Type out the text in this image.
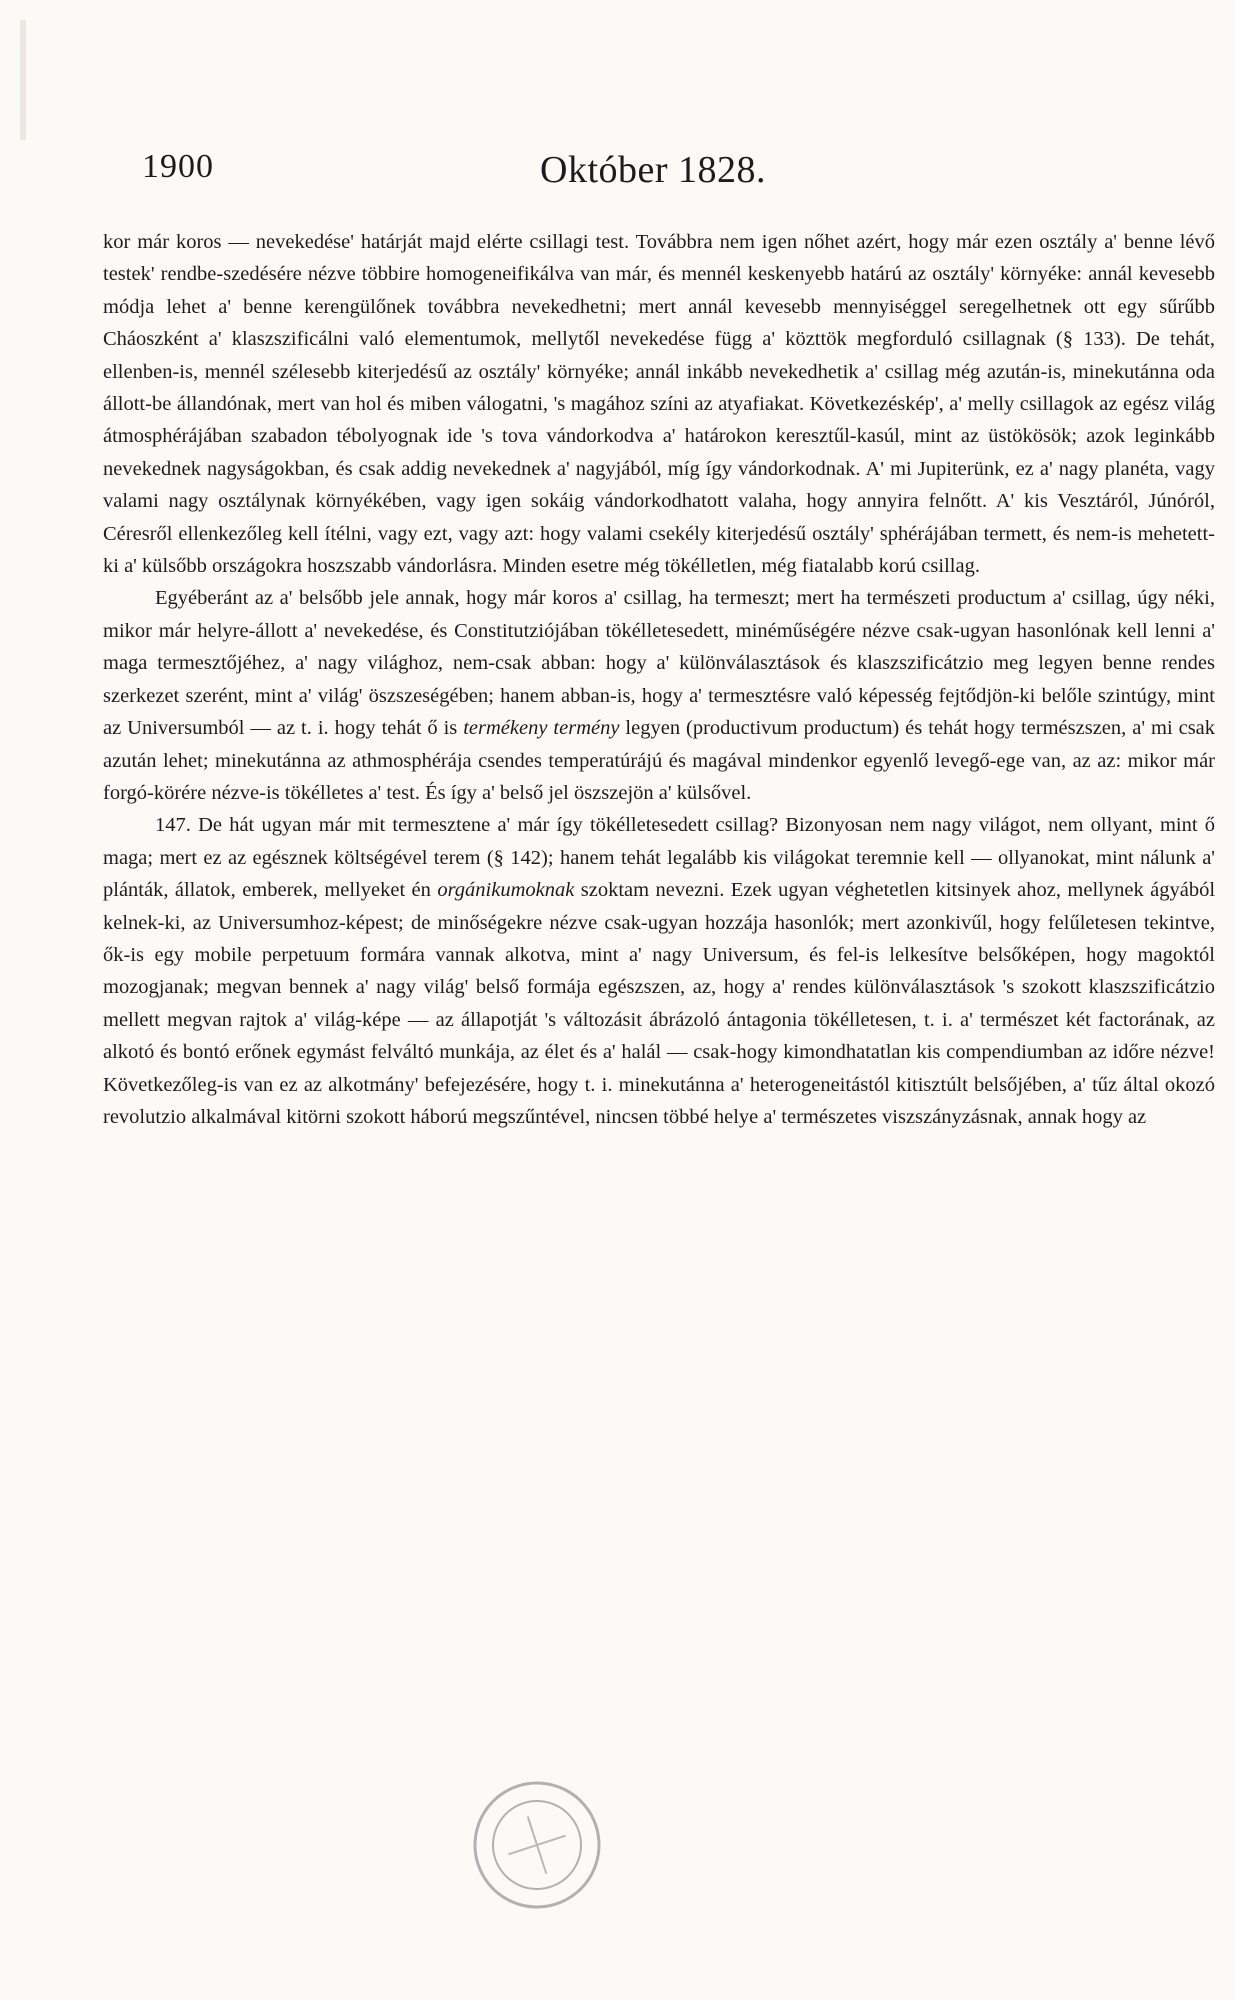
1900	Október 1828.

kor már koros — nevekedése' határját majd elérte csillagi test. Továbbra nem igen nőhet azért, hogy már ezen osztály a' benne lévő testek' rendbe-szedésére nézve többire homogeneifikálva van már, és mennél keskenyebb határú az osztály' környéke: annál kevesebb módja lehet a' benne kerengülőnek továbbra nevekedhetni; mert annál kevesebb mennyiséggel seregelhetnek ott egy sűrűbb Cháoszként a' klaszszificálni való elementumok, mellytől nevekedése függ a' közttök megforduló csillagnak (§ 133). De tehát, ellenben-is, mennél szélesebb kiterjedésű az osztály' környéke; annál inkább nevekedhetik a' csillag még azután-is, minekutánna oda állott-be állandónak, mert van hol és miben válogatni, 's magához színi az atyafiakat. Következéskép', a' melly csillagok az egész világ átmosphérájában szabadon tébolyognak ide 's tova vándorkodva a' határokon keresztűl-kasúl, mint az üstökösök; azok leginkább nevekednek nagyságokban, és csak addig nevekednek a' nagyjából, míg így vándorkodnak. A' mi Jupiterünk, ez a' nagy planéta, vagy valami nagy osztálynak környékében, vagy igen sokáig vándorkodhatott valaha, hogy annyira felnőtt. A' kis Vesztáról, Júnóról, Céresről ellenkezőleg kell ítélni, vagy ezt, vagy azt: hogy valami csekély kiterjedésű osztály' sphérájában termett, és nem-is mehetett-ki a' külsőbb országokra hoszszabb vándorlásra. Minden esetre még tökélletlen, még fiatalabb korú csillag.

Egyéberánt az a' belsőbb jele annak, hogy már koros a' csillag, ha termeszt; mert ha természeti productum a' csillag, úgy néki, mikor már helyre-állott a' nevekedése, és Constitutziójában tökélletesedett, minéműségére nézve csak-ugyan hasonlónak kell lenni a' maga termesztőjéhez, a' nagy világhoz, nem-csak abban: hogy a' különválasztások és klaszszificátzio meg legyen benne rendes szerkezet szerént, mint a' világ' öszszeségében; hanem abban-is, hogy a' termesztésre való képesség fejtődjön-ki belőle szintúgy, mint az Universumból — az t. i. hogy tehát ő is termékeny termény legyen (productivum productum) és tehát hogy természszen, a' mi csak azután lehet; minekutánna az athmosphérája csendes temperatúrájú és magával mindenkor egyenlő levegő-ege van, az az: mikor már forgó-körére nézve-is tökélletes a' test. És így a' belső jel öszszejön a' külsővel.

147. De hát ugyan már mit termesztene a' már így tökélletesedett csillag? Bizonyosan nem nagy világot, nem ollyant, mint ő maga; mert ez az egésznek költségével terem (§ 142); hanem tehát legalább kis világokat teremnie kell — ollyanokat, mint nálunk a' plánták, állatok, emberek, mellyeket én orgánikumoknak szoktam nevezni. Ezek ugyan véghetetlen kitsinyek ahoz, mellynek ágyából kelnek-ki, az Universumhoz-képest; de minőségekre nézve csak-ugyan hozzája hasonlók; mert azonkivűl, hogy felűletesen tekintve, ők-is egy mobile perpetuum formára vannak alkotva, mint a' nagy Universum, és fel-is lelkesítve belsőképen, hogy magoktól mozogjanak; megvan bennek a' nagy világ' belső formája egészszen, az, hogy a' rendes különválasztások 's szokott klaszszificátzio mellett megvan rajtok a' világ-képe — az állapotját 's változásit ábrázoló ántagonia tökélletesen, t. i. a' természet két factorának, az alkotó és bontó erőnek egymást felváltó munkája, az élet és a' halál — csak-hogy kimondhatatlan kis compendiumban az időre nézve! Következőleg-is van ez az alkotmány' befejezésére, hogy t. i. minekutánna a' heterogeneitástól kitisztúlt belsőjében, a' tűz által okozó revolutzio alkalmával kitörni szokott háború megszűntével, nincsen többé helye a' természetes viszszányzásnak, annak hogy az
